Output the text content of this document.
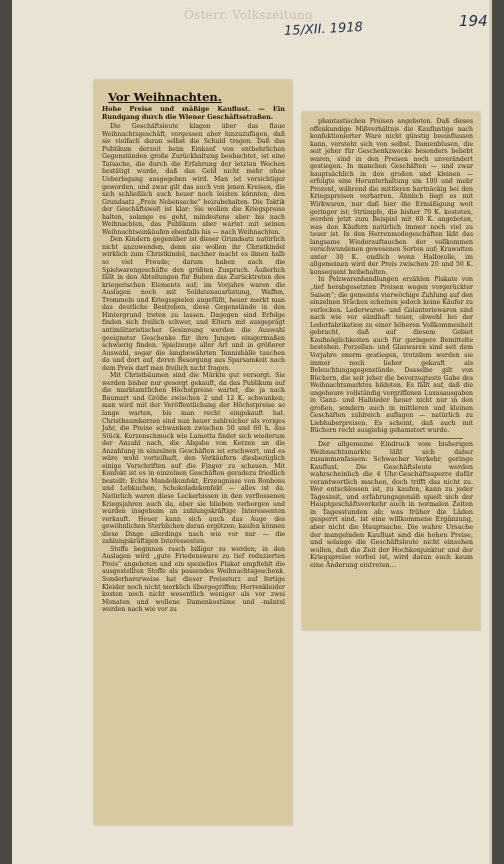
Österr. Volkszeitung
15/XII. 1918	194
Vor Weihnachten.
Hohe Preise und mäßige Kauflust. — Ein Rundgang durch die Wiener Geschäftsstraßen.

Die Geschäftsleute klagen über das flaue Weihnachtsgeschäft, vergessen aber hinzuzufügen, daß sie vielfach daran selbst die Schuld tragen. Daß das Publikum derzeit beim Einkauf von entbehrlichen Gegenständen große Zurückhaltung beobachtet, ist eine Tatsache, die durch die Erfahrung der letzten Wochen bestätigt wurde, daß das Geld nicht mehr ohne Ueberlegung ausgegeben wird. Man ist vorsichtiger geworden, und zwar gilt das auch von jenen Kreisen, die sich schließlich auch heuer noch leisten könnten, den Grundsatz „Preis Nebensache“ beizubehalten. Die Taktik der Geschäftswelt ist klar: Sie wollen die Kriegspreise halten, solange es geht, mindestens aber bis nach Weihnachten, das Publikum aber wartet mit seinen Weihnachtseinkäufen ebenfalls bis — nach Weihnachten.

Den Kindern gegenüber ist dieser Grundsatz natürlich nicht anzuwenden, denn sie wollen ihr Christkindel wirklich zum Christkindel, nachher macht es ihnen halb so viel Freude; darum haben auch die Spielwarengeschäfte den größten Zuspruch. Äußerlich fällt in den Abteilungen für Buben das Zurücktreten des kriegerischen Elements auf; im Vorjahre waren die Auslagen noch mit Soldatenausrüstung, Waffen, Trommeln und Kriegsspielen angefüllt, heuer merkt man das deutliche Bestreben, diese Gegenstände in den Hintergrund treten zu lassen. Dagegen sind Erfolge finden sich freilich schwer, und Eltern mit ausgeprägt antimilitaristischer Gesinnung werden die Auswahl geeigneter Geschenke für ihre Jungen einigermaßen schwierig finden. Spielzeuge aller Art und in größerer Auswahl, sogar die langbewährten Tennisbälle tauchen da und dort auf, deren Besorgung aus Sparsamkeit nach dem Preis darf man freilich nicht fragen.

Mit Christbäumen sind die Märkte gut versorgt. Sie werden bisher nur gesorgt gekauft, da das Publikum auf die marktamtlichen Höchstpreise wartet, die ja nach Baumart und Größe zwischen 2 und 12 K. schwanken; man wird mit der Veröffentlichung der Höchstpreise so lange warten, bis man recht eingekauft hat. Christbaumkerzen sind nun heuer zahlreicher als voriges Jahr, die Preise schwanken zwischen 50 und 60 h. das Stück. Kerzenschmuck wie Lametta findet sich wiederum der Anzahl nach, die Abgabe von Kerzen an die Anzahlung in einzelnen Geschäften ist erschwert, und es wäre wohl vorteilhaft, den Verkäufern diesbezüglich einige Vorschriften auf die Finger zu schauen. Mit Konfekt ist es in einzelnen Geschäften geradezu friedlich bestellt: Echte Mandelkonfekt, Erzeugnisse von Bonbons und Lebkuchen, Schokoladekonfekt — alles ist da. Natürlich waren diese Leckerbissen in den verflossenen Kriegsjahren auch da, aber sie blieben verborgen und wurden insgeheim an zahlungskräftige Interessenten verkauft. Heuer kann sich auch das Auge des gewöhnlichen Sterblichen daran ergötzen; kaufen können diese Dinge allerdings nach wie vor nur — die zahlungskräftigen Interessenten.

Stoffe beginnen rasch billiger zu werden; in den Auslagen wird „gute Friedensware zu tief reduzierten Preis“ angeboten und ein spezielles Plakat empfiehlt die ausgestellten Stoffe als passendes Weihnachtsgeschenk. Sonderbarerweise hat dieser Preissturz auf fertige Kleider noch nicht merklich übergegriffen; Herrenkleider kosten noch nicht wesentlich weniger als vor zwei Monaten und wollene Damenkostüme und -mäntel werden nach wie vor zu

phantastischen Preisen angeboten. Daß dieses offenkundige Mißverhältnis die Kauflustige nach konfektionierter Ware nicht günstig beeinflussen kann, versteht sich von selbst. Damenblusen, die seit jeher für Geschenkzwecke besonders beliebt waren, sind in den Preisen noch unverändert gestiegen. In manchen Geschäften — und zwar hauptsächlich in den großen und kleinen — erfolgte eine Herunterhaltung um 100 und mehr Prozent, während die mittleren hartnäckig bei den Kriegspreisen verharren. Ähnlich liegt es mit Wirkwaren, nur daß hier die Ermäßigung weit geringer ist; Strümpfe, die bisher 70 K. kosteten, werden jetzt zum Beispiel mit 60 K. angeboten, was den Käufern natürlich immer noch viel zu teuer ist. In den Herrenmodegeschäften läßt das langsame Wiederauftauchen der vollkommen verschwundenen gewesenen Sorten auf; Krawatten unter 30 K. endlich wenn Halbwolle, im allgemeinen wird der Preis zwischen 20 und 50 K. konsequent beibehalten.

In Pelzwarenhandlungen erzählen Plakate von „tief herabgesetzten Preisen wegen vorgerückter Saison“; die gemeinte vierwöchige Zahlung auf den einzelnen Stücken scheinen jedoch keine Käufer zu verlocken. Lederwaren- und Galanteriewaren sind nach wie vor sündhaft teuer, obwohl bei der Lederfabrikation zu einer höheren Vollkommenheit gebracht, daß auf diesem Gebiet Kaufmöglichkeiten auch für geringere Bemittelte bestehen. Porzellan- und Glaswaren sind seit dem Vorjahre enorm gestiegen, trotzdem werden sie immer noch lieber gekauft als Beleuchtungsgegenstände. Dasselbe gilt von Büchern, die seit jeher die bevorzugteste Gabe des Weihnachtsmarktes bildeten. Es fällt auf, daß die ungeheure vollständig vergriffenen Luxusausgaben in Ganz- und Halbleder heuer nicht nur in den großen, sondern auch in mittleren und kleinen Geschäften zahlreich auflagen — natürlich zu Liebhaberpreisen. Es scheint, daß auch mit Büchern recht ausgiebig gehamstert wurde.

Der allgemeine Eindruck vom bisherigen Weihnachtsmarkte läßt sich daher zusammenfassen: Schwacher Verkehr, geringe Kauflust. Die Geschäftsleute werden wahrscheinlich die 4 Uhr-Geschäftssperre dafür verantwortlich machen, doch trifft das nicht zu. Wer entschlossen ist, zu kaufen, kann zu jeder Tageszeit, und erfahrungsgemäß spielt sich der Hauptgeschäftsverkehr auch in normalen Zeiten in Tagesstunden ab; was früher die Läden gesperrt sind, ist eine willkommene Ergänzung, aber nicht die Hauptsache. Die wahre Ursache der mangelnden Kauflust sind die hohen Preise, und solange die Geschäftsleute nicht einsehen wollen, daß die Zeit der Hochkonjunktur und der Kriegspreise vorbei ist, wird daran auch kaum eine Änderung eintreten…
